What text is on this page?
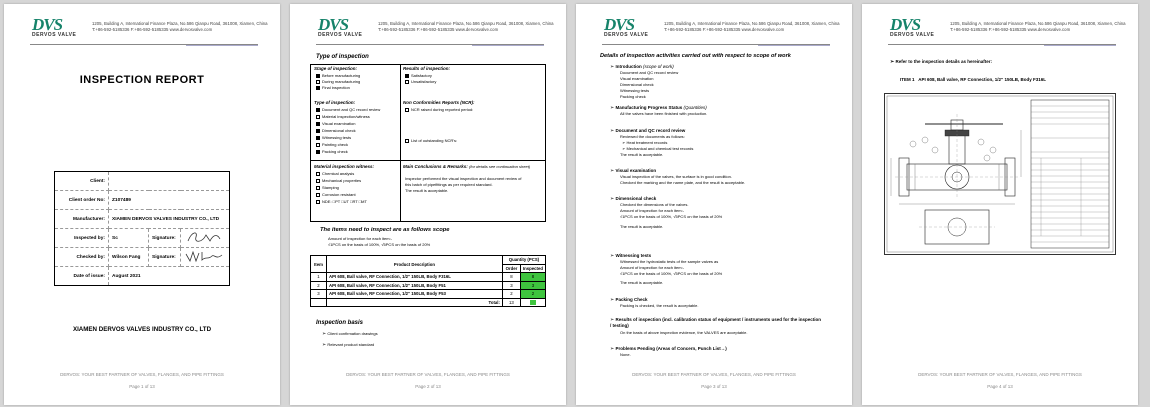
DVS
DERVOS VALVE
1205, Building A, International Finance Plaza, No.586 Qianpu Road, 361008, Xiamen, China
T:+86-592-5185336 F:+86-592-5185335 www.dervosvalve.com
INSPECTION REPORT
Client:			
Client order No:	Z107489		
Manufacturer:	XIAMEN DERVOS VALVES INDUSTRY CO., LTD		
Inspected by:	Sc	Signature:	
Checked by:	Wilson Fang	Signature:	
Date of issue:	August 2021		
XIAMEN DERVOS VALVES INDUSTRY CO., LTD
DERVOS: YOUR BEST PARTNER OF VALVES, FLANGES, AND PIPE FITTINGS
Page 1 of 13
DVS
DERVOS VALVE
1205, Building A, International Finance Plaza, No.586 Qianpu Road, 361008, Xiamen, China
T:+86-592-5185336 F:+86-592-5185335 www.dervosvalve.com
Type of inspection
Stage of inspection:
Before manufacturing
During manufacturing
Final inspection
Results of inspection:
Satisfactory
Unsatisfactory
Type of inspection:
Document and QC record review
Material inspection/witness
Visual examination
Dimensional check
Witnessing tests
Painting check
Packing check
Non Conformities Reports (NCR):
NCR raised during reported period:
List of outstanding NCR's:
Material inspection witness:
Chemical analysis
Mechanical properties
Stamping
Corrosion resistant
NDE: □PT □UT □RT □MT
Main Conclusions & Remarks: (for details see continuation sheet)
Inspector performed the visual inspection and document review of
this batch of pipefittings as per required standard.
The result is acceptable.
The items need to inspect are as follows scope
Amount of inspection for each item:-
√1PCS on the basis of 100%, √5PCS on the basis of 20%
Item	Product Description	Quantity (PCS)	
		Order	Inspected
1	API 608, Ball valve, RF Connection, 1/2" 150LB, Body F316L	8	8
2	API 608, Ball valve, RF Connection, 1/2" 150LB, Body F51	3	3
3	API 608, Ball valve, RF Connection, 1/2" 150LB, Body F53	2	2
	Total:	13	
Inspection basis
➢ Client confirmation drawings
➢ Relevant product standard
DERVOS: YOUR BEST PARTNER OF VALVES, FLANGES, AND PIPE FITTINGS
Page 2 of 13
DVS
DERVOS VALVE
1205, Building A, International Finance Plaza, No.586 Qianpu Road, 361008, Xiamen, China
T:+86-592-5185336 F:+86-592-5185335 www.dervosvalve.com
Details of inspection activities carried out with respect to scope of work
➢ Introduction (scope of work)
Document and QC record review
Visual examination
Dimensional check
Witnessing tests
Packing check
➢ Manufacturing Progress Status (Quantities)
All the valves have been finished with production.
➢ Document and QC record review
Reviewed the documents as follows:
➢ Heat treatment records
➢ Mechanical and chemical test records
The result is acceptable.
➢ Visual examination
Visual inspection of the valves, the surface is in good condition.
Checked the marking and the name plate, and the result is acceptable.
➢ Dimensional check
Checked the dimensions of the valves.
Amount of inspection for each item:-
√1PCS on the basis of 100%, √5PCS on the basis of 20%
The result is acceptable.
➢ Witnessing tests
Witnessed the hydrostatic tests of the sample valves as
Amount of inspection for each item:-
√1PCS on the basis of 100%, √5PCS on the basis of 20%
The result is acceptable.
➢ Packing Check
Packing is checked, the result is acceptable.
➢ Results of inspection (incl. calibration status of equipment / instruments used for the inspection / testing)
On the basis of above inspection evidence, the VALVES are acceptable.
➢ Problems Pending (Areas of Concern, Punch List→)
None.
DERVOS: YOUR BEST PARTNER OF VALVES, FLANGES, AND PIPE FITTINGS
Page 3 of 13
DVS
DERVOS VALVE
1205, Building A, International Finance Plaza, No.586 Qianpu Road, 361008, Xiamen, China
T:+86-592-5185336 F:+86-592-5185335 www.dervosvalve.com
➢ Refer to the inspection details as hereinafter:
ITEM 1 API 608, Ball valve, RF Connection, 1/2" 150LB, Body F316L
DERVOS: YOUR BEST PARTNER OF VALVES, FLANGES, AND PIPE FITTINGS
Page 4 of 13
